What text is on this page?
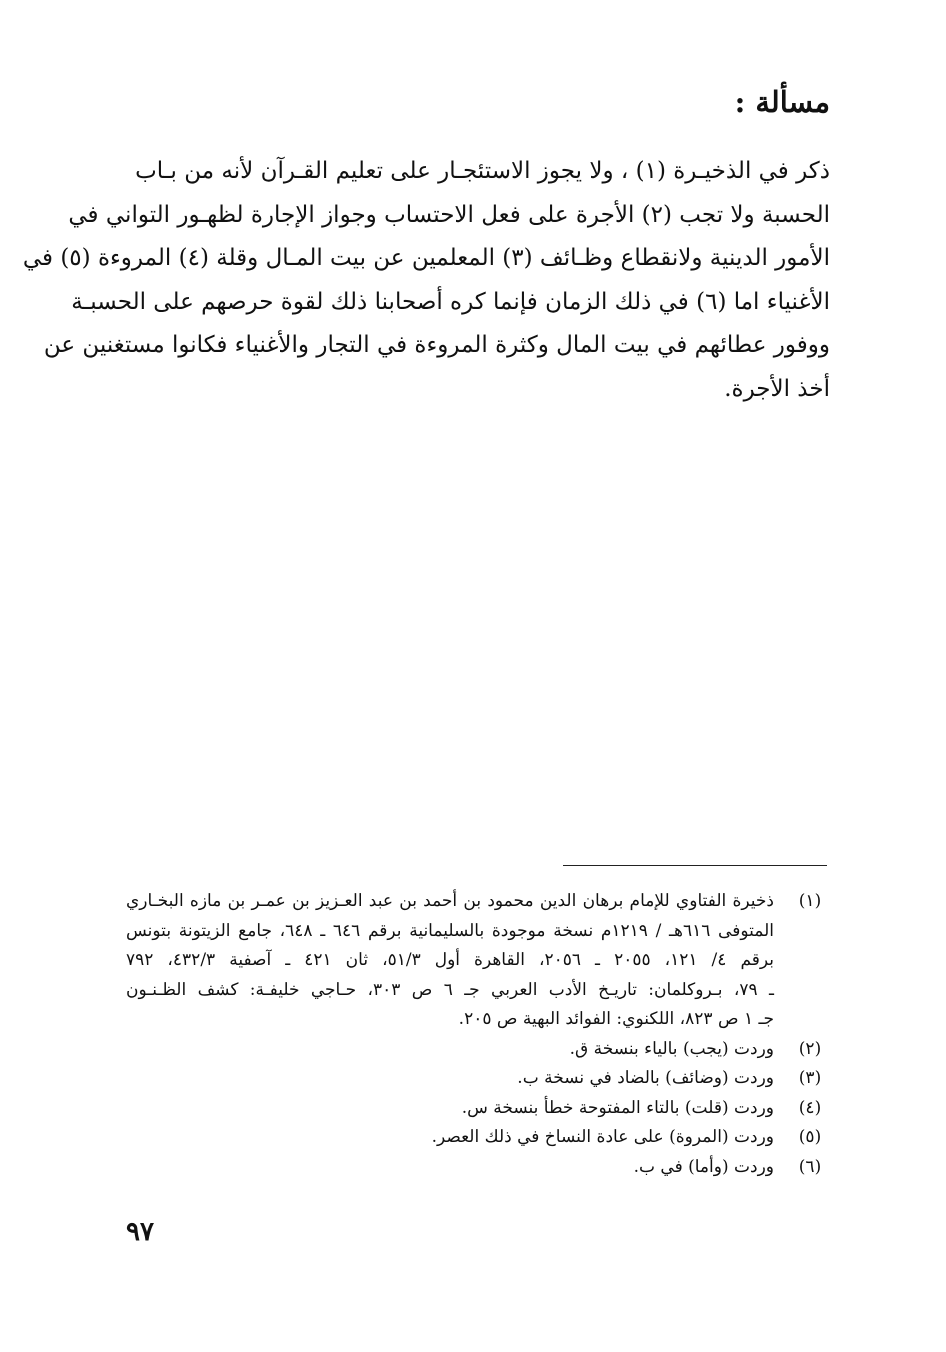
مسألة :

ذكر في الذخيـرة (١) ، ولا يجوز الاستئجـار على تعليم القـرآن لأنه من بـاب
الحسبة ولا تجب (٢) الأجرة على فعل الاحتساب وجواز الإجارة لظهـور التواني في
الأمور الدينية ولانقطاع وظـائف (٣) المعلمين عن بيت المـال وقلة (٤) المروءة (٥) في
الأغنياء اما (٦) في ذلك الزمان فإنما كره أصحابنا ذلك لقوة حرصهم على الحسبـة
ووفور عطائهم في بيت المال وكثرة المروءة في التجار والأغنياء فكانوا مستغنين عن
أخذ الأجرة.

(١)
ذخيرة الفتاوي للإمام برهان الدين محمود بن أحمد بن عبد العـزيز بن عمـر بن مازه البخـاري
المتوفى ٦١٦هـ / ١٢١٩م نسخة موجودة بالسليمانية برقم ٦٤٦ ـ ٦٤٨، جامع الزيتونة بتونس
برقم ٤/ ١٢١، ٢٠٥٥ ـ ٢٠٥٦، القاهرة أول ٥١/٣، ثان ٤٢١ ـ آصفية ٤٣٢/٣، ٧٩٢
ـ ٧٩، بـروكلمان: تاريـخ الأدب العربي جـ ٦ ص ٣٠٣، حـاجي خليفـة: كشف الظـنـون
جـ ١ ص ٨٢٣، اللكنوي: الفوائد البهية ص ٢٠٥.
(٢)
وردت (يجب) بالياء بنسخة ق.
(٣)
وردت (وضائف) بالضاد في نسخة ب.
(٤)
وردت (قلت) بالتاء المفتوحة خطأ بنسخة س.
(٥)
وردت (المروة) على عادة النساخ في ذلك العصر.
(٦)
وردت (وأما) في ب.
٩٧
